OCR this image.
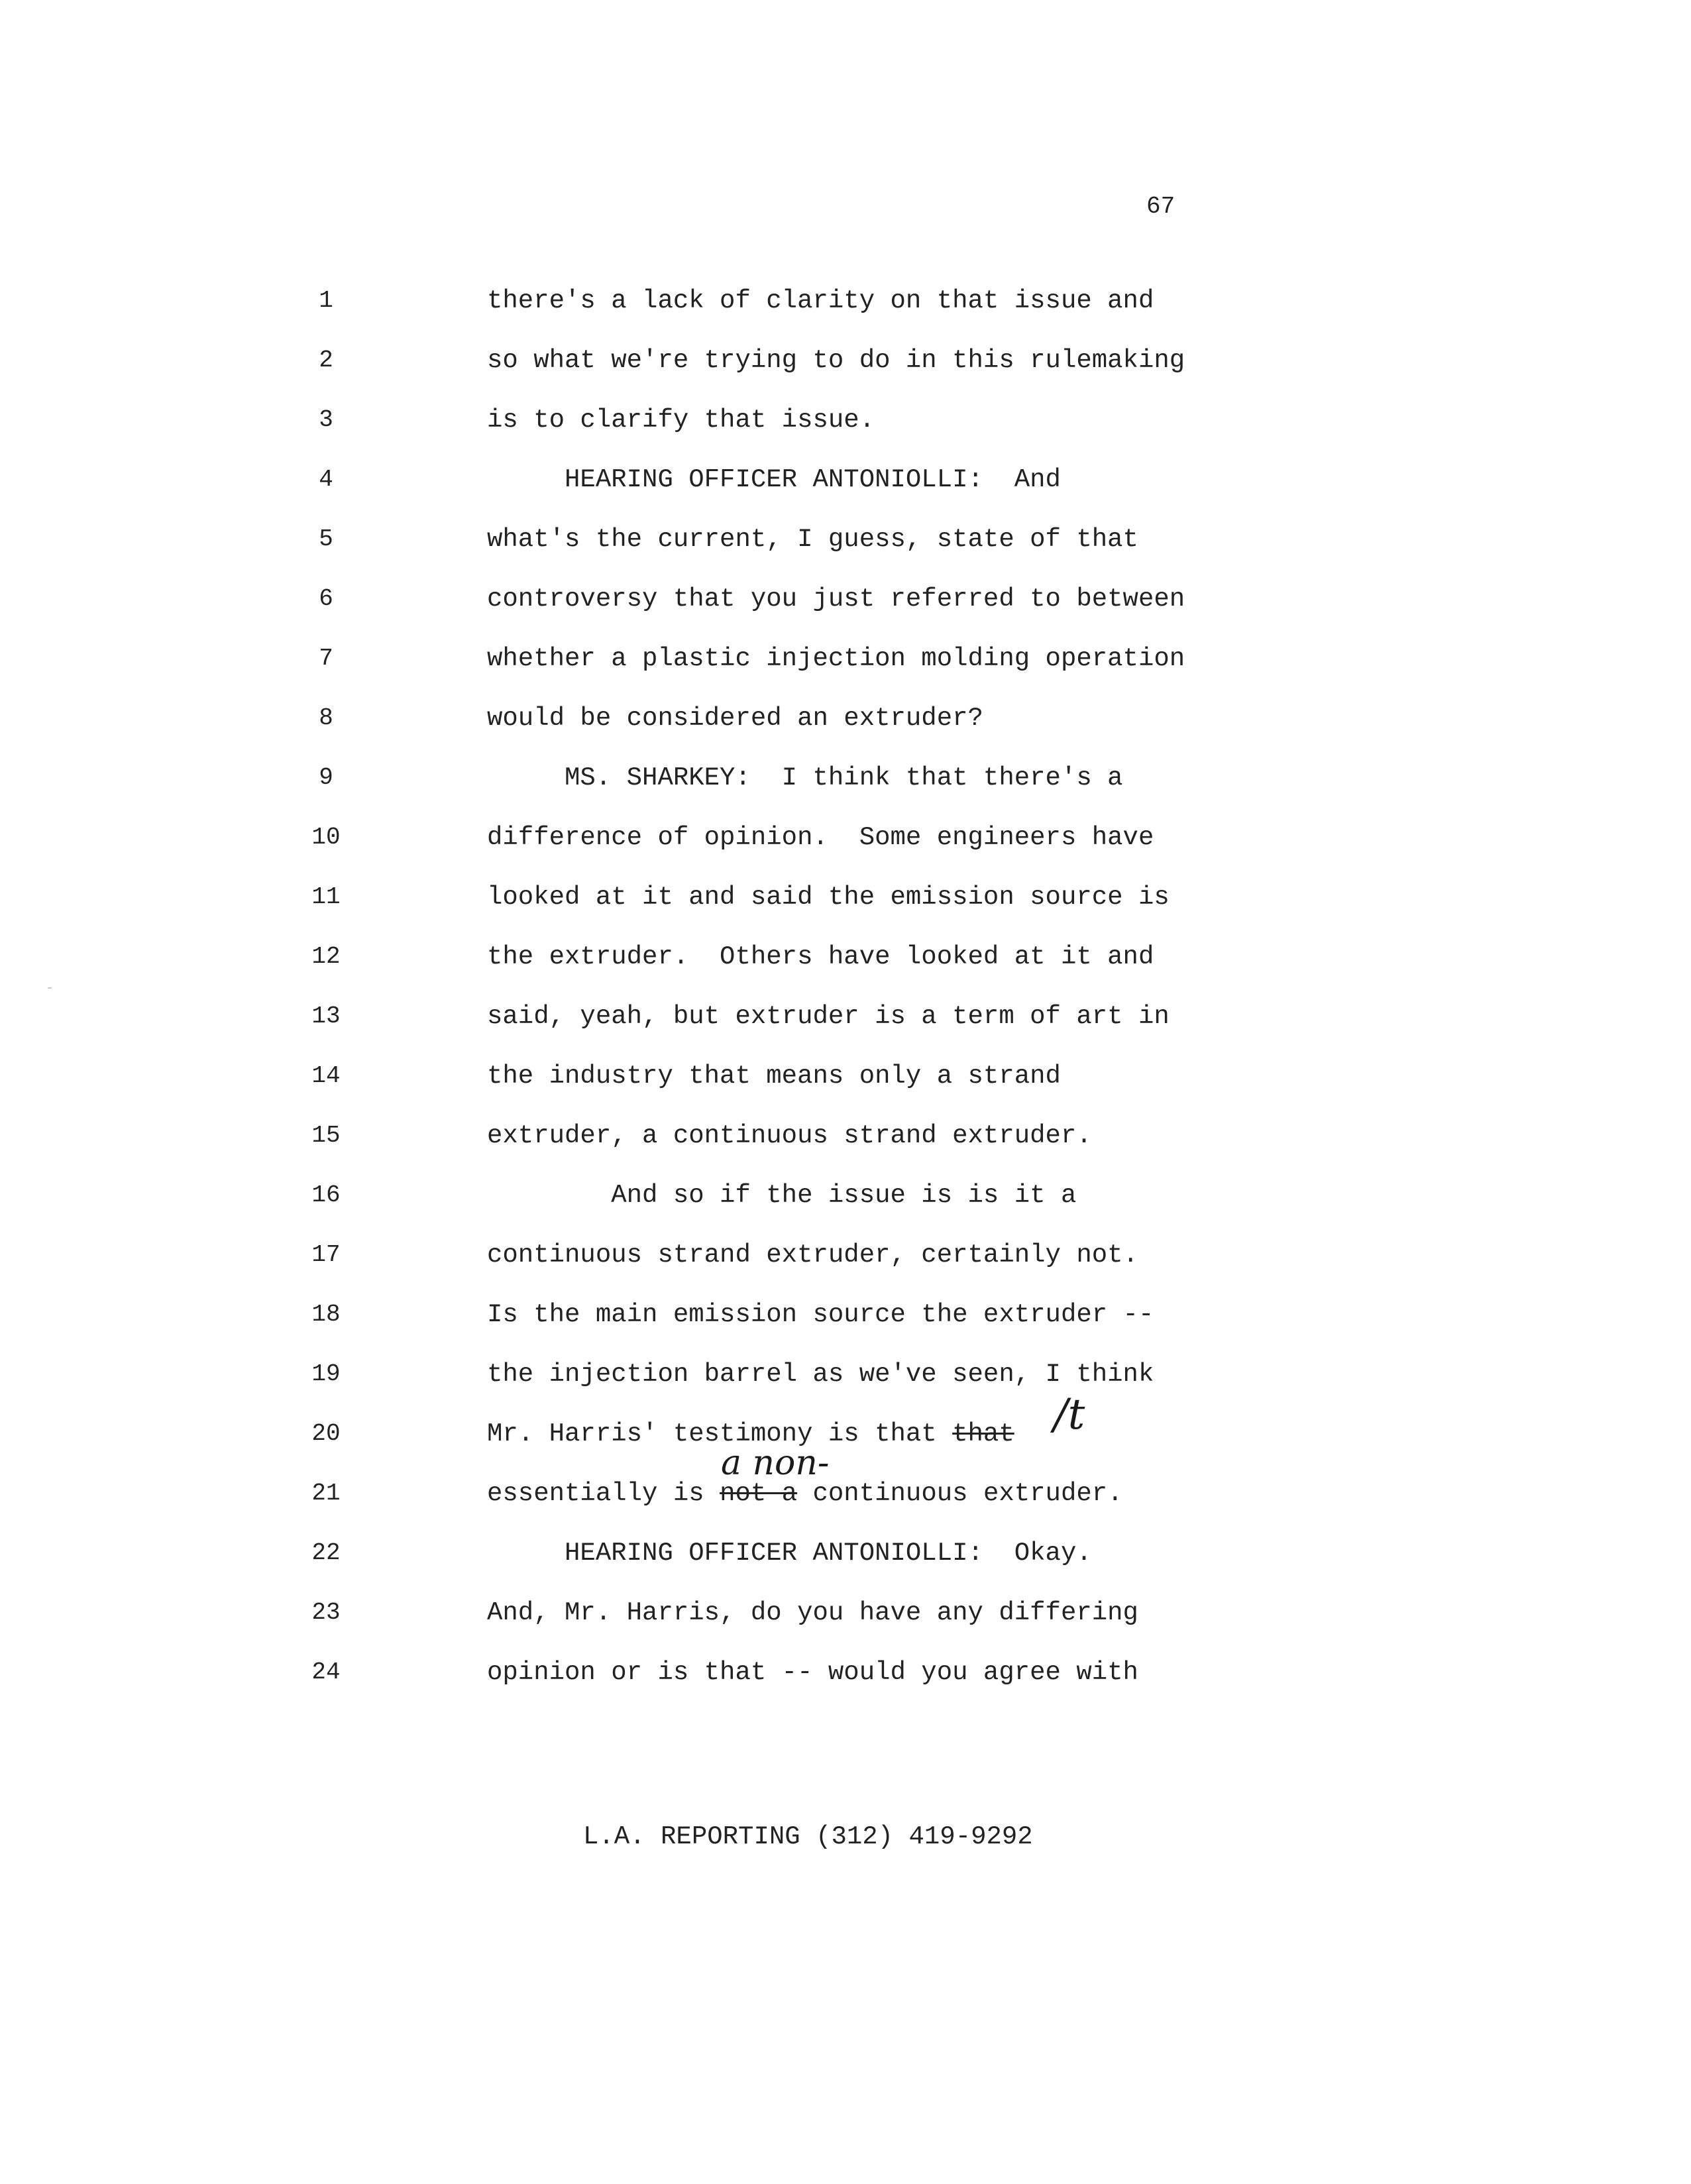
67
1
2
3
4
5
6
7
8
9
10
11
12
13
14
15
16
17
18
19
20
21
22
23
24
there's a lack of clarity on that issue and
so what we're trying to do in this rulemaking
is to clarify that issue.
HEARING OFFICER ANTONIOLLI:  And
what's the current, I guess, state of that
controversy that you just referred to between
whether a plastic injection molding operation
would be considered an extruder?
MS. SHARKEY:  I think that there's a
difference of opinion.  Some engineers have
looked at it and said the emission source is
the extruder.  Others have looked at it and
said, yeah, but extruder is a term of art in
the industry that means only a strand
extruder, a continuous strand extruder.
And so if the issue is is it a
continuous strand extruder, certainly not.
Is the main emission source the extruder --
the injection barrel as we've seen, I think
Mr. Harris' testimony is that that
essentially is not a continuous extruder.
HEARING OFFICER ANTONIOLLI:  Okay.
And, Mr. Harris, do you have any differing
opinion or is that -- would you agree with
/t
a non-
L.A. REPORTING (312) 419-9292
